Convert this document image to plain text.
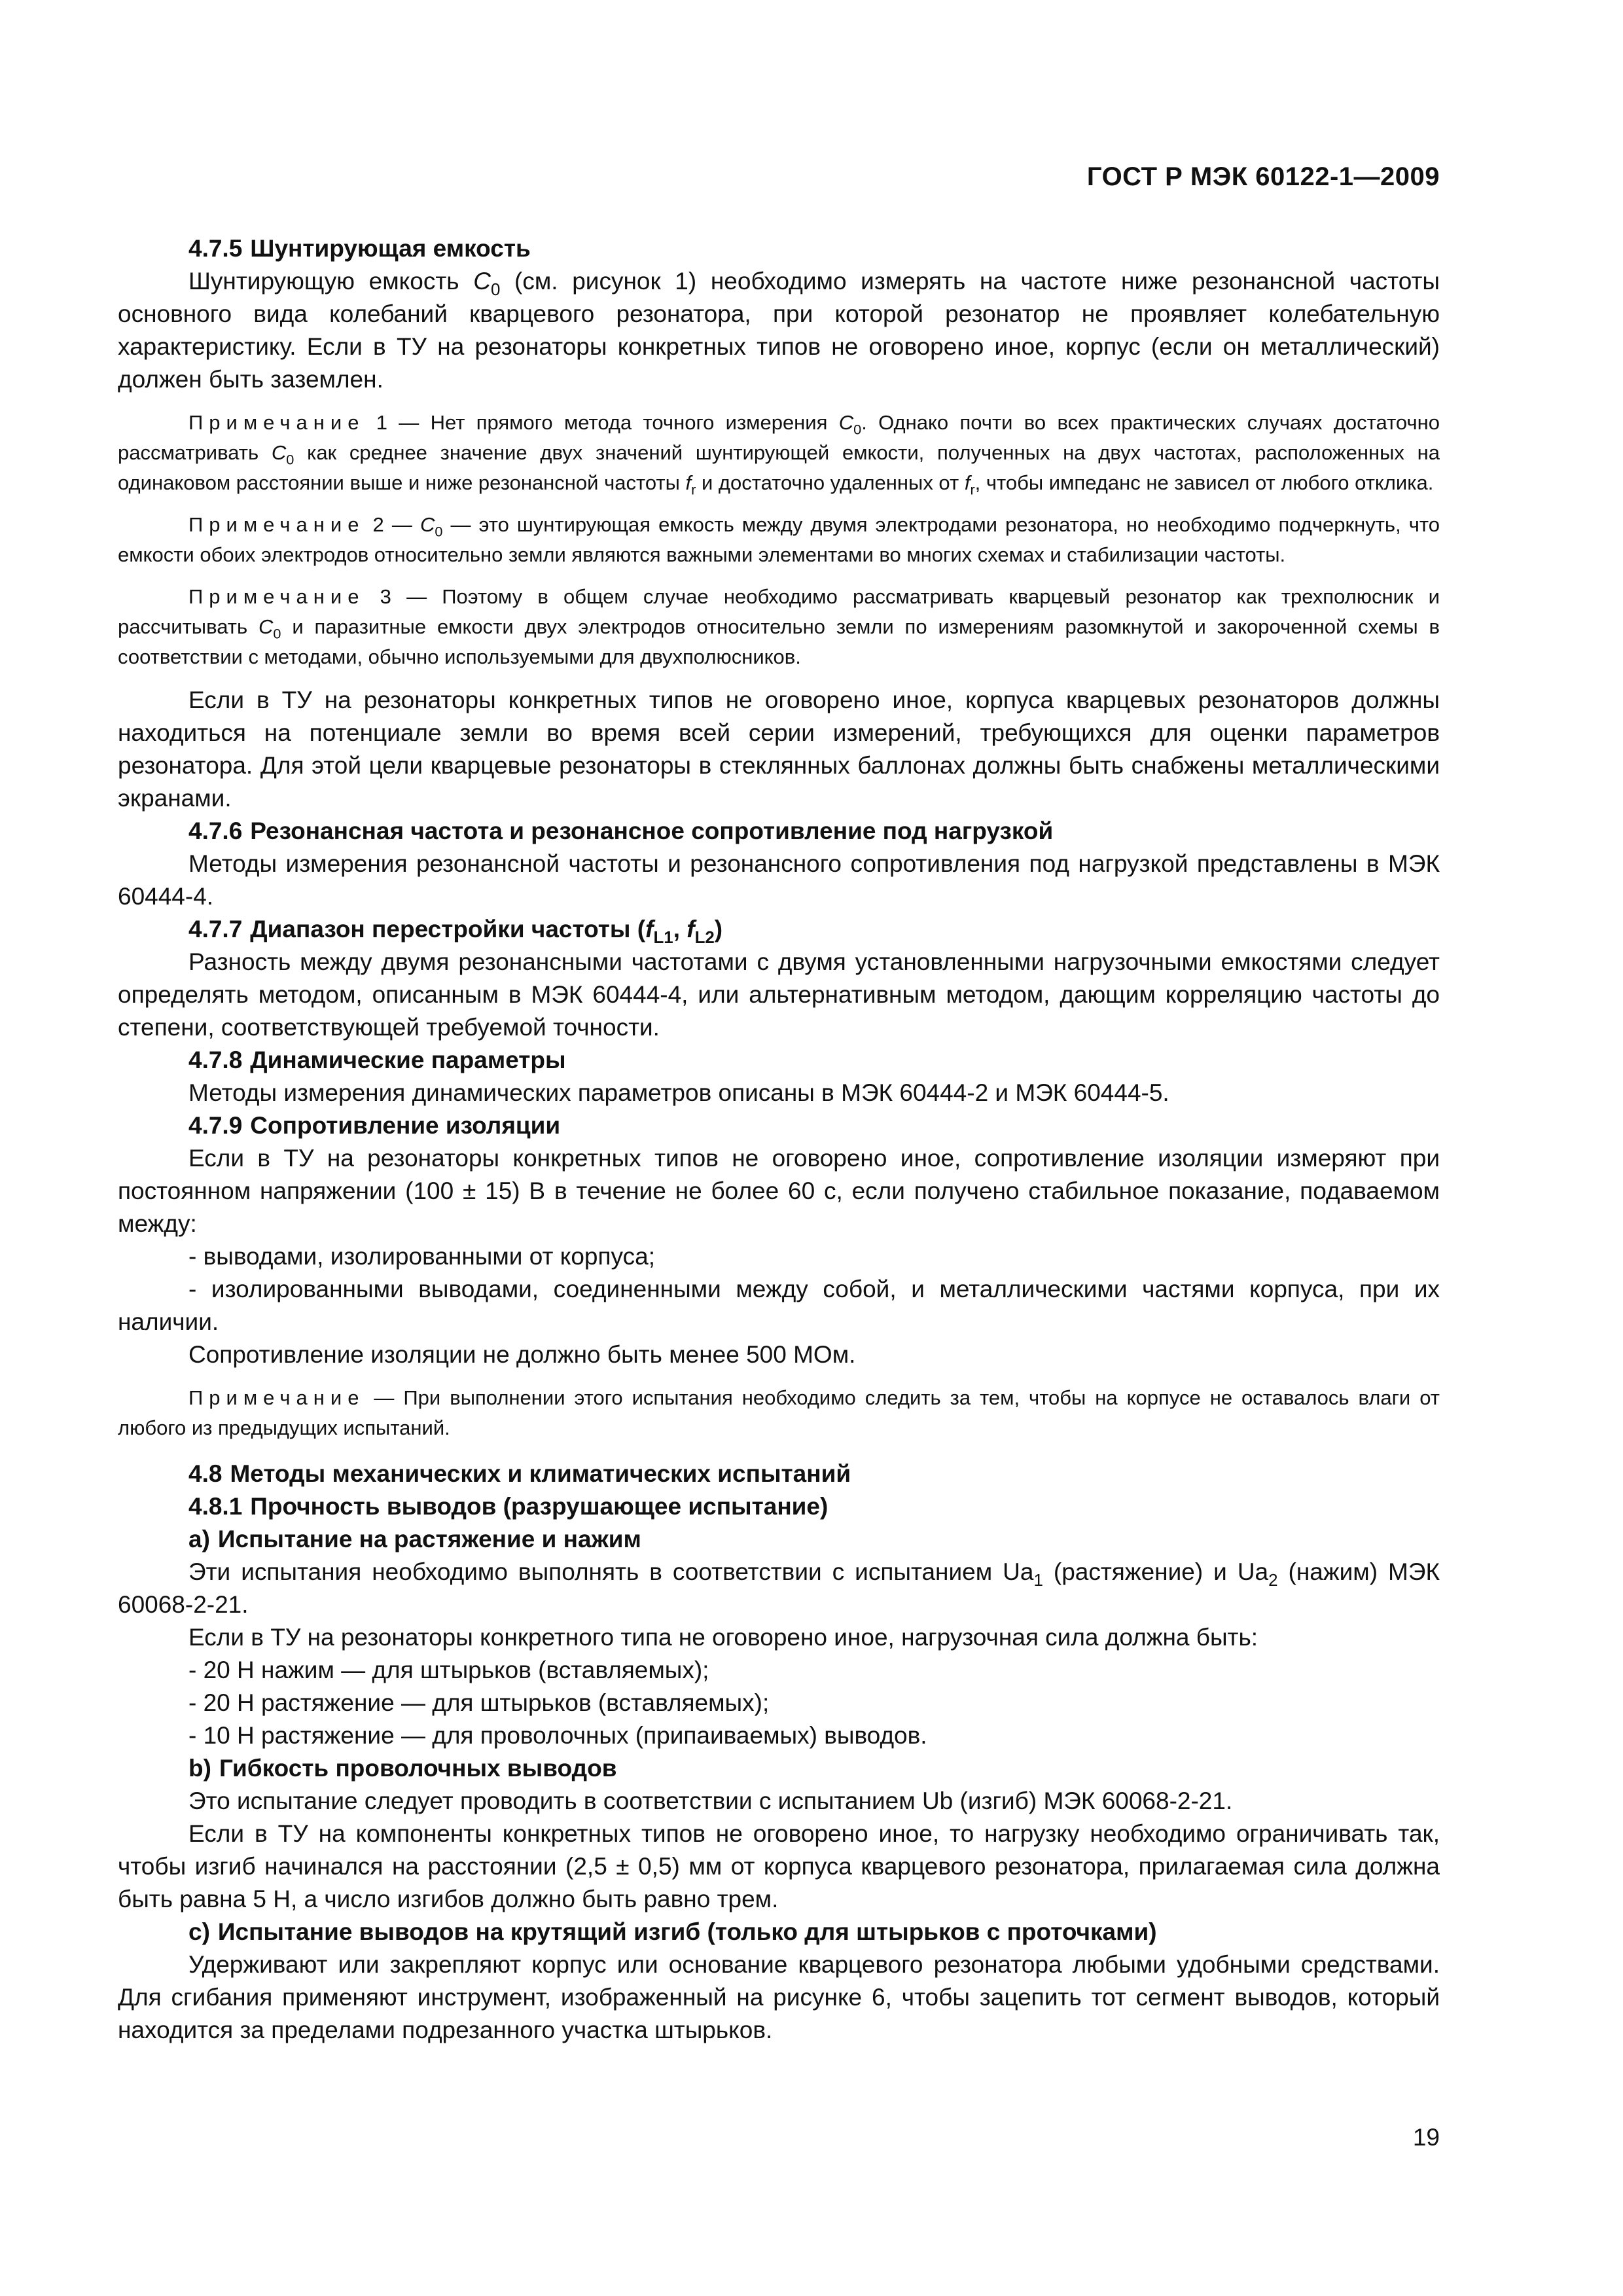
ГОСТ Р МЭК 60122-1—2009

4.7.5 Шунтирующая емкость

Шунтирующую емкость $C_0$ (см. рисунок 1) необходимо измерять на частоте ниже резонансной частоты основного вида колебаний кварцевого резонатора, при которой резонатор не проявляет колебательную характеристику. Если в ТУ на резонаторы конкретных типов не оговорено иное, корпус (если он металлический) должен быть заземлен.

Примечание 1 — Нет прямого метода точного измерения $C_0$. Однако почти во всех практических случаях достаточно рассматривать $C_0$ как среднее значение двух значений шунтирующей емкости, полученных на двух частотах, расположенных на одинаковом расстоянии выше и ниже резонансной частоты $f_r$ и достаточно удаленных от $f_r$, чтобы импеданс не зависел от любого отклика.

Примечание 2 — $C_0$ — это шунтирующая емкость между двумя электродами резонатора, но необходимо подчеркнуть, что емкости обоих электродов относительно земли являются важными элементами во многих схемах и стабилизации частоты.

Примечание 3 — Поэтому в общем случае необходимо рассматривать кварцевый резонатор как трехполюсник и рассчитывать $C_0$ и паразитные емкости двух электродов относительно земли по измерениям разомкнутой и закороченной схемы в соответствии с методами, обычно используемыми для двухполюсников.

Если в ТУ на резонаторы конкретных типов не оговорено иное, корпуса кварцевых резонаторов должны находиться на потенциале земли во время всей серии измерений, требующихся для оценки параметров резонатора. Для этой цели кварцевые резонаторы в стеклянных баллонах должны быть снабжены металлическими экранами.

4.7.6 Резонансная частота и резонансное сопротивление под нагрузкой

Методы измерения резонансной частоты и резонансного сопротивления под нагрузкой представлены в МЭК 60444-4.

4.7.7 Диапазон перестройки частоты ($f_{L1}$, $f_{L2}$)

Разность между двумя резонансными частотами с двумя установленными нагрузочными емкостями следует определять методом, описанным в МЭК 60444-4, или альтернативным методом, дающим корреляцию частоты до степени, соответствующей требуемой точности.

4.7.8 Динамические параметры

Методы измерения динамических параметров описаны в МЭК 60444-2 и МЭК 60444-5.

4.7.9 Сопротивление изоляции

Если в ТУ на резонаторы конкретных типов не оговорено иное, сопротивление изоляции измеряют при постоянном напряжении (100 ± 15) В в течение не более 60 с, если получено стабильное показание, подаваемом между:

- выводами, изолированными от корпуса;

- изолированными выводами, соединенными между собой, и металлическими частями корпуса, при их наличии.

Сопротивление изоляции не должно быть менее 500 МОм.

Примечание — При выполнении этого испытания необходимо следить за тем, чтобы на корпусе не оставалось влаги от любого из предыдущих испытаний.

4.8 Методы механических и климатических испытаний

4.8.1 Прочность выводов (разрушающее испытание)

a) Испытание на растяжение и нажим

Эти испытания необходимо выполнять в соответствии с испытанием $Ua_1$ (растяжение) и $Ua_2$ (нажим) МЭК 60068-2-21.

Если в ТУ на резонаторы конкретного типа не оговорено иное, нагрузочная сила должна быть:

- 20 Н нажим — для штырьков (вставляемых);

- 20 Н растяжение — для штырьков (вставляемых);

- 10 Н растяжение — для проволочных (припаиваемых) выводов.

b) Гибкость проволочных выводов

Это испытание следует проводить в соответствии с испытанием Ub (изгиб) МЭК 60068-2-21.

Если в ТУ на компоненты конкретных типов не оговорено иное, то нагрузку необходимо ограничивать так, чтобы изгиб начинался на расстоянии (2,5 ± 0,5) мм от корпуса кварцевого резонатора, прилагаемая сила должна быть равна 5 Н, а число изгибов должно быть равно трем.

c) Испытание выводов на крутящий изгиб (только для штырьков с проточками)

Удерживают или закрепляют корпус или основание кварцевого резонатора любыми удобными средствами. Для сгибания применяют инструмент, изображенный на рисунке 6, чтобы зацепить тот сегмент выводов, который находится за пределами подрезанного участка штырьков.

19
